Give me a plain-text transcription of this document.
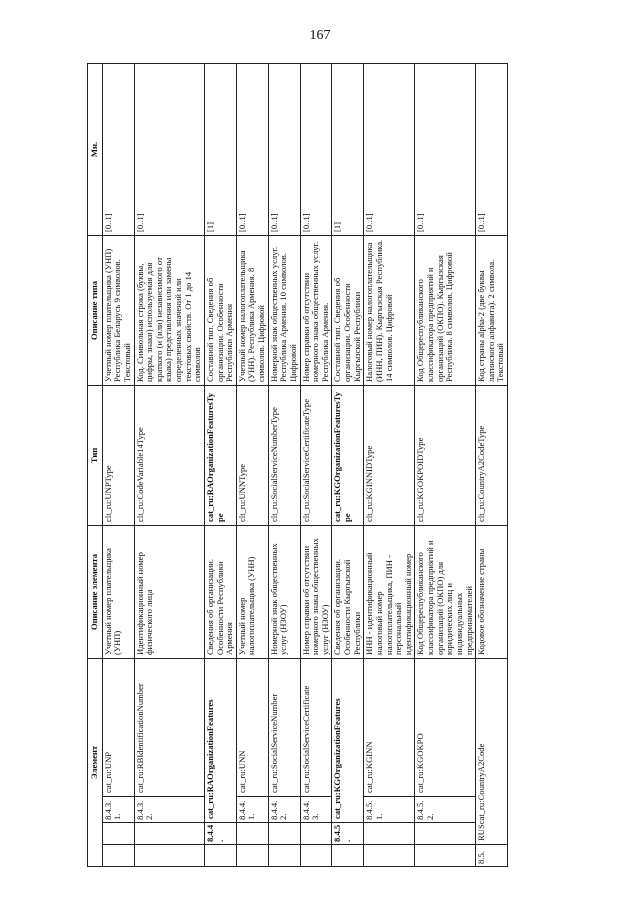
167
Элемент				Описание элемента	Тип	Описание типа	Мн.
		8.4.3.1.	cat_ru:UNP	Учетный номер плательщика (УНП)	clt_ru:UNPType	Учетный номер плательщика (УНП) Республика Беларусь 9 символов. Текстовый	[0..1]
		8.4.3.2.	cat_ru:RBIdentificationNumber	Идентификационный номер физического лица	clt_ru:CodeVariable14Type	Код. Символьная строка (буквы, цифры, знаки) используемая для краткого (и (или) независимого от языка) представления или замены определенных значений или текстовых свойств. От 1 до 14 символов	[0..1]
	8.4.4.	cat_ru:RAOrganizationFeatures		Сведения об организации. Особенности Республики Армения	cat_ru:RAOrganizationFeaturesType	Составной тип. Сведения об организации. Особенности Республики Армения	[1]
		8.4.4.1.	cat_ru:UNN	Учетный номер налогоплательщика (УНН)	clt_ru:UNNType	Учетный номер налогоплательщика (УНН). Республика Армения. 8 символов. Цифровой	[0..1]
		8.4.4.2.	cat_ru:SocialServiceNumber	Номерной знак общественных услуг (НЗОУ)	clt_ru:SocialServiceNumberType	Номерной знак общественных услуг. Республика Армения. 10 символов. Цифровой	[0..1]
		8.4.4.3.	cat_ru:SocialServiceCertificate	Номер справки об отсутствии номерного знака общественных услуг (НЗОУ)	clt_ru:SocialServiceCertificateType	Номер справки об отсутствии номерного знака общественных услуг. Республика Армения.	[0..1]
	8.4.5.	cat_ru:KGOrganizationFeatures		Сведения об организации. Особенности Кыргызской Республики	cat_ru:KGOrganizationFeaturesType	Составной тип. Сведения об организации. Особенности Кыргызской Республики	[1]
		8.4.5.1.	cat_ru:KGINN	ИНН - идентификационный налоговый номер налогоплательщика, ПИН - персональный идентификационный номер	clt_ru:KGINNIDType	Налоговый номер налогоплательщика (ИНН, ПИН). Кыргызская Республика. 14 символов. Цифровой	[0..1]
		8.4.5.2.	cat_ru:KGOKPO	Код Общереспубликанского классификатора предприятий и организаций (ОКПО) для юридических лиц и индивидуальных предпринимателей	clt_ru:KGOKPOIDType	Код Общереспубликанского классификатора предприятий и организаций (ОКПО). Кыргызская Республика. 8 символов. Цифровой	[0..1]
8.5.	RUScat_ru:CountryA2Code			Кодовое обозначение страны	clt_ru:CountryA2CodeType	Код страны alpha-2 (две буквы латинского алфавита). 2 символа. Текстовый	[0..1]
